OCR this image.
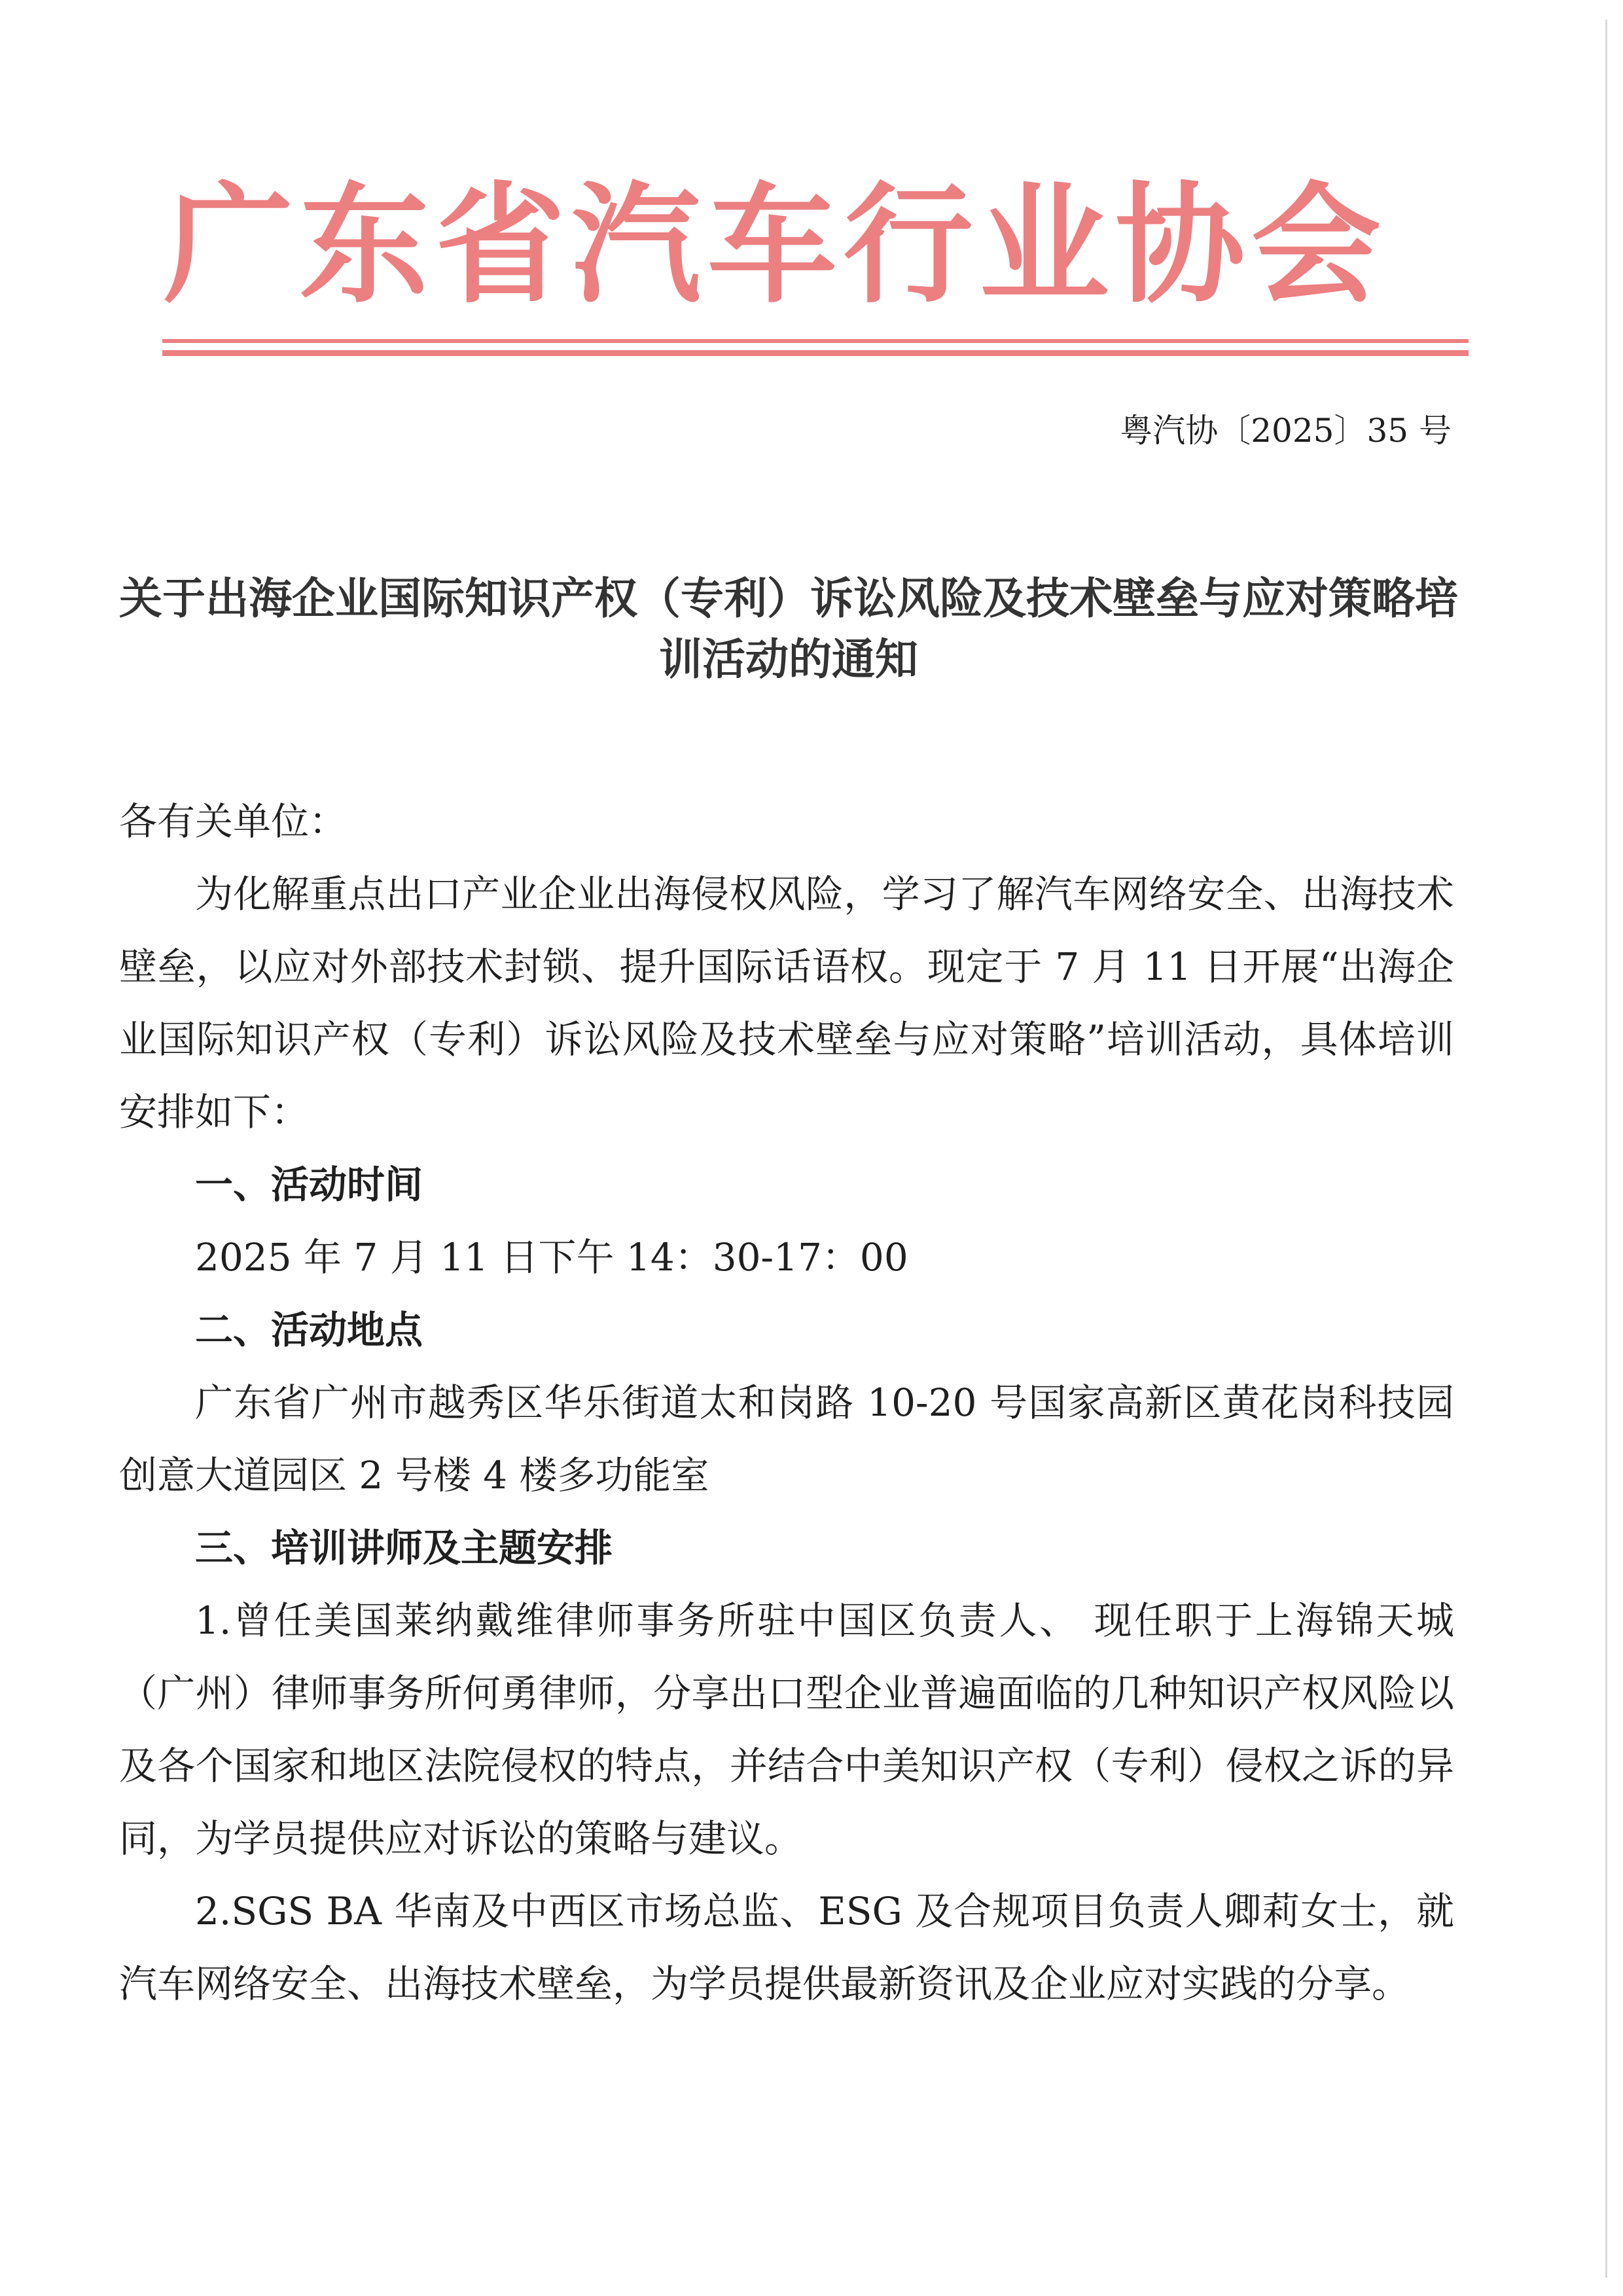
广 东 省 汽 车 行 业 协 会
粤汽协〔2025〕35 号
关于出海企业国际知识产权（专利）诉讼风险及技术壁垒与应对策略培训活动的通知

各有关单位：

为化解重点出口产业企业出海侵权风险，学习了解汽车网络安全、出海技术壁垒，以应对外部技术封锁、提升国际话语权。现定于 7 月 11 日开展“出海企业国际知识产权（专利）诉讼风险及技术壁垒与应对策略”培训活动，具体培训安排如下：

一、活动时间

2025 年 7 月 11 日下午 14：30-17：00

二、活动地点

广东省广州市越秀区华乐街道太和岗路 10-20 号国家高新区黄花岗科技园创意大道园区 2 号楼 4 楼多功能室

三、培训讲师及主题安排

1.曾任美国莱纳戴维律师事务所驻中国区负责人、 现任职于上海锦天城（广州）律师事务所何勇律师，分享出口型企业普遍面临的几种知识产权风险以及各个国家和地区法院侵权的特点，并结合中美知识产权（专利）侵权之诉的异同，为学员提供应对诉讼的策略与建议。

2.SGS BA 华南及中西区市场总监、ESG 及合规项目负责人卿莉女士，就汽车网络安全、出海技术壁垒，为学员提供最新资讯及企业应对实践的分享。
